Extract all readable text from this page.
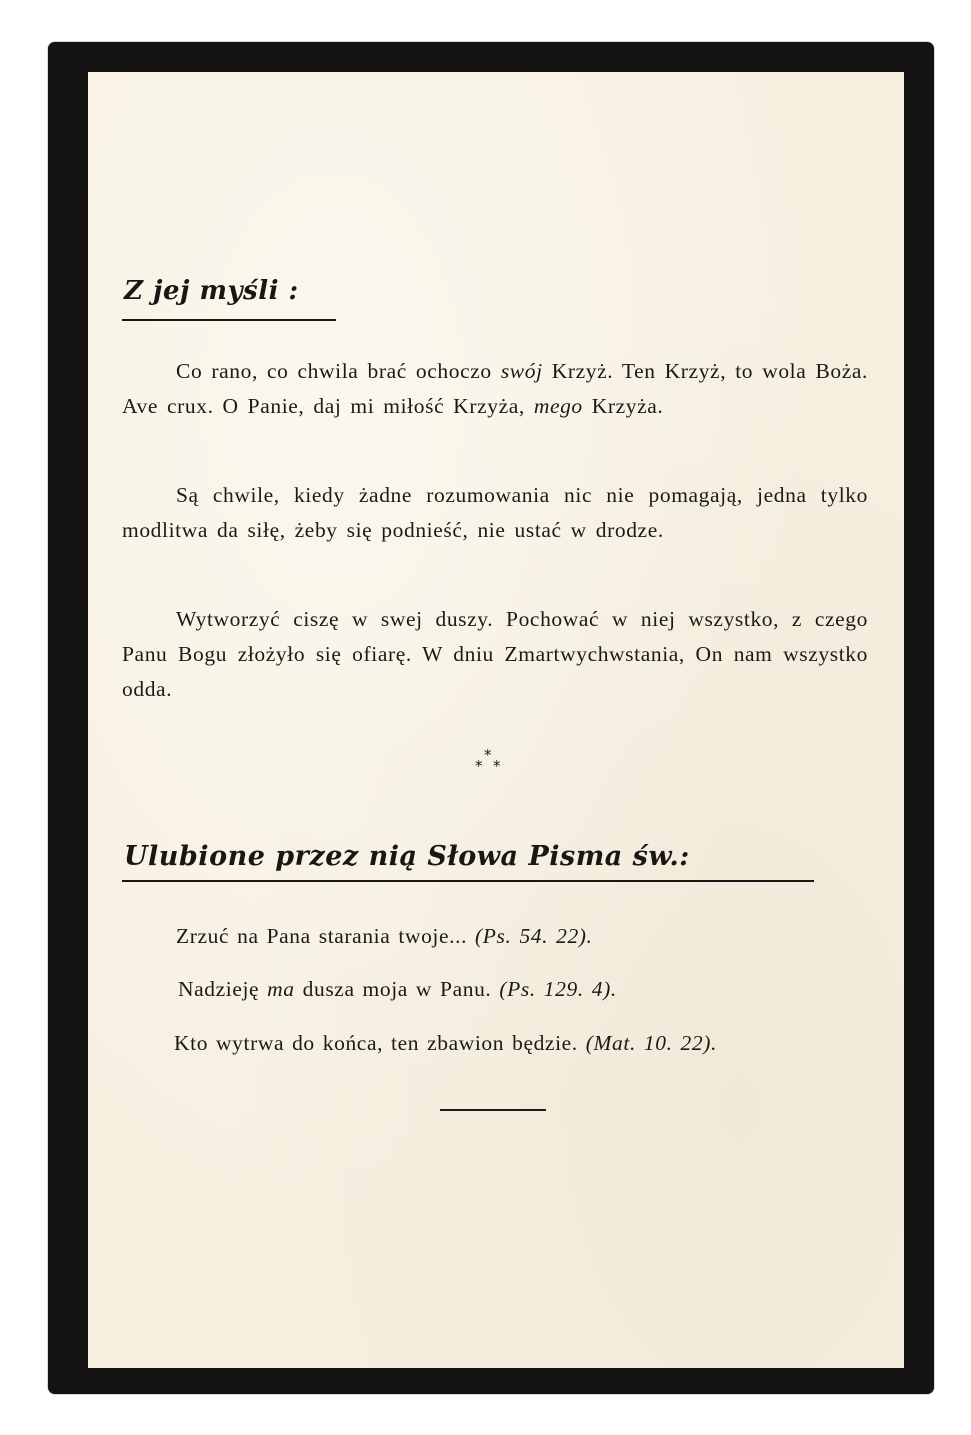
Z jej myśli :

Co rano, co chwila brać ochoczo swój Krzyż. Ten Krzyż, to wola Boża. Ave crux. O Panie, daj mi miłość Krzyża, mego Krzyża.

Są chwile, kiedy żadne rozumowania nic nie pomagają, jedna tylko modlitwa da siłę, żeby się podnieść, nie ustać w drodze.

Wytworzyć ciszę w swej duszy. Pochować w niej wszystko, z czego Panu Bogu złożyło się ofiarę. W dniu Zmartwychwstania, On nam wszystko odda.

*
* *
Ulubione przez nią Słowa Pisma św.:
Zrzuć na Pana starania twoje... (Ps. 54. 22).
Nadzieję ma dusza moja w Panu. (Ps. 129. 4).
Kto wytrwa do końca, ten zbawion będzie. (Mat. 10. 22).
